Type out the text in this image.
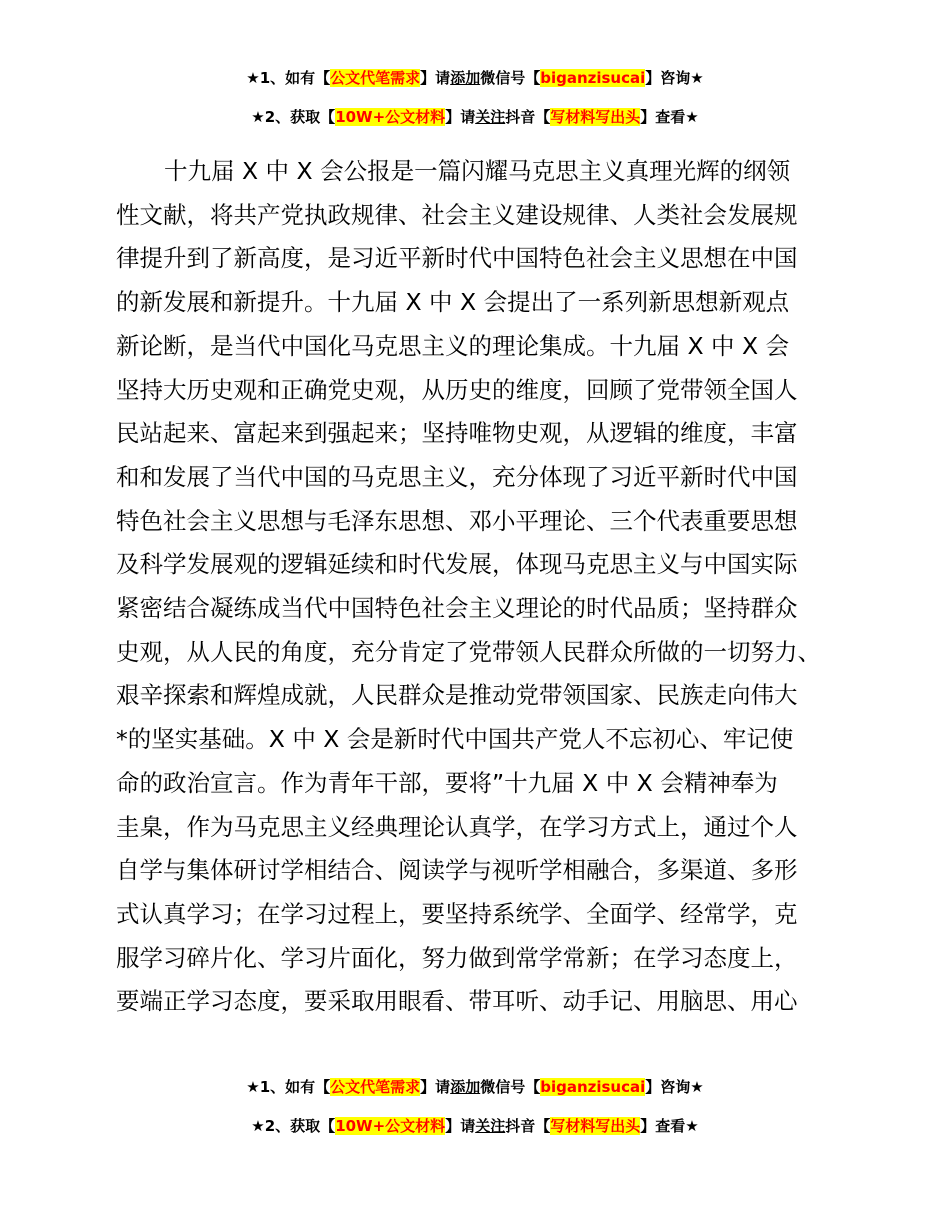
★1、如有【公文代笔需求】请添加微信号【biganzisucai】咨询★
★2、获取【10W+公文材料】请关注抖音【写材料写出头】查看★
十九届 X 中 X 会公报是一篇闪耀马克思主义真理光辉的纲领
性文献，将共产党执政规律、社会主义建设规律、人类社会发展规
律提升到了新高度，是习近平新时代中国特色社会主义思想在中国
的新发展和新提升。十九届 X 中 X 会提出了一系列新思想新观点
新论断，是当代中国化马克思主义的理论集成。十九届 X 中 X 会
坚持大历史观和正确党史观，从历史的维度，回顾了党带领全国人
民站起来、富起来到强起来；坚持唯物史观，从逻辑的维度，丰富
和和发展了当代中国的马克思主义，充分体现了习近平新时代中国
特色社会主义思想与毛泽东思想、邓小平理论、三个代表重要思想
及科学发展观的逻辑延续和时代发展，体现马克思主义与中国实际
紧密结合凝练成当代中国特色社会主义理论的时代品质；坚持群众
史观，从人民的角度，充分肯定了党带领人民群众所做的一切努力、
艰辛探索和辉煌成就，人民群众是推动党带领国家、民族走向伟大
*的坚实基础。X 中 X 会是新时代中国共产党人不忘初心、牢记使
命的政治宣言。作为青年干部，要将”十九届 X 中 X 会精神奉为
圭臬，作为马克思主义经典理论认真学，在学习方式上，通过个人
自学与集体研讨学相结合、阅读学与视听学相融合，多渠道、多形
式认真学习；在学习过程上，要坚持系统学、全面学、经常学，克
服学习碎片化、学习片面化，努力做到常学常新；在学习态度上，
要端正学习态度，要采取用眼看、带耳听、动手记、用脑思、用心
★1、如有【公文代笔需求】请添加微信号【biganzisucai】咨询★
★2、获取【10W+公文材料】请关注抖音【写材料写出头】查看★
